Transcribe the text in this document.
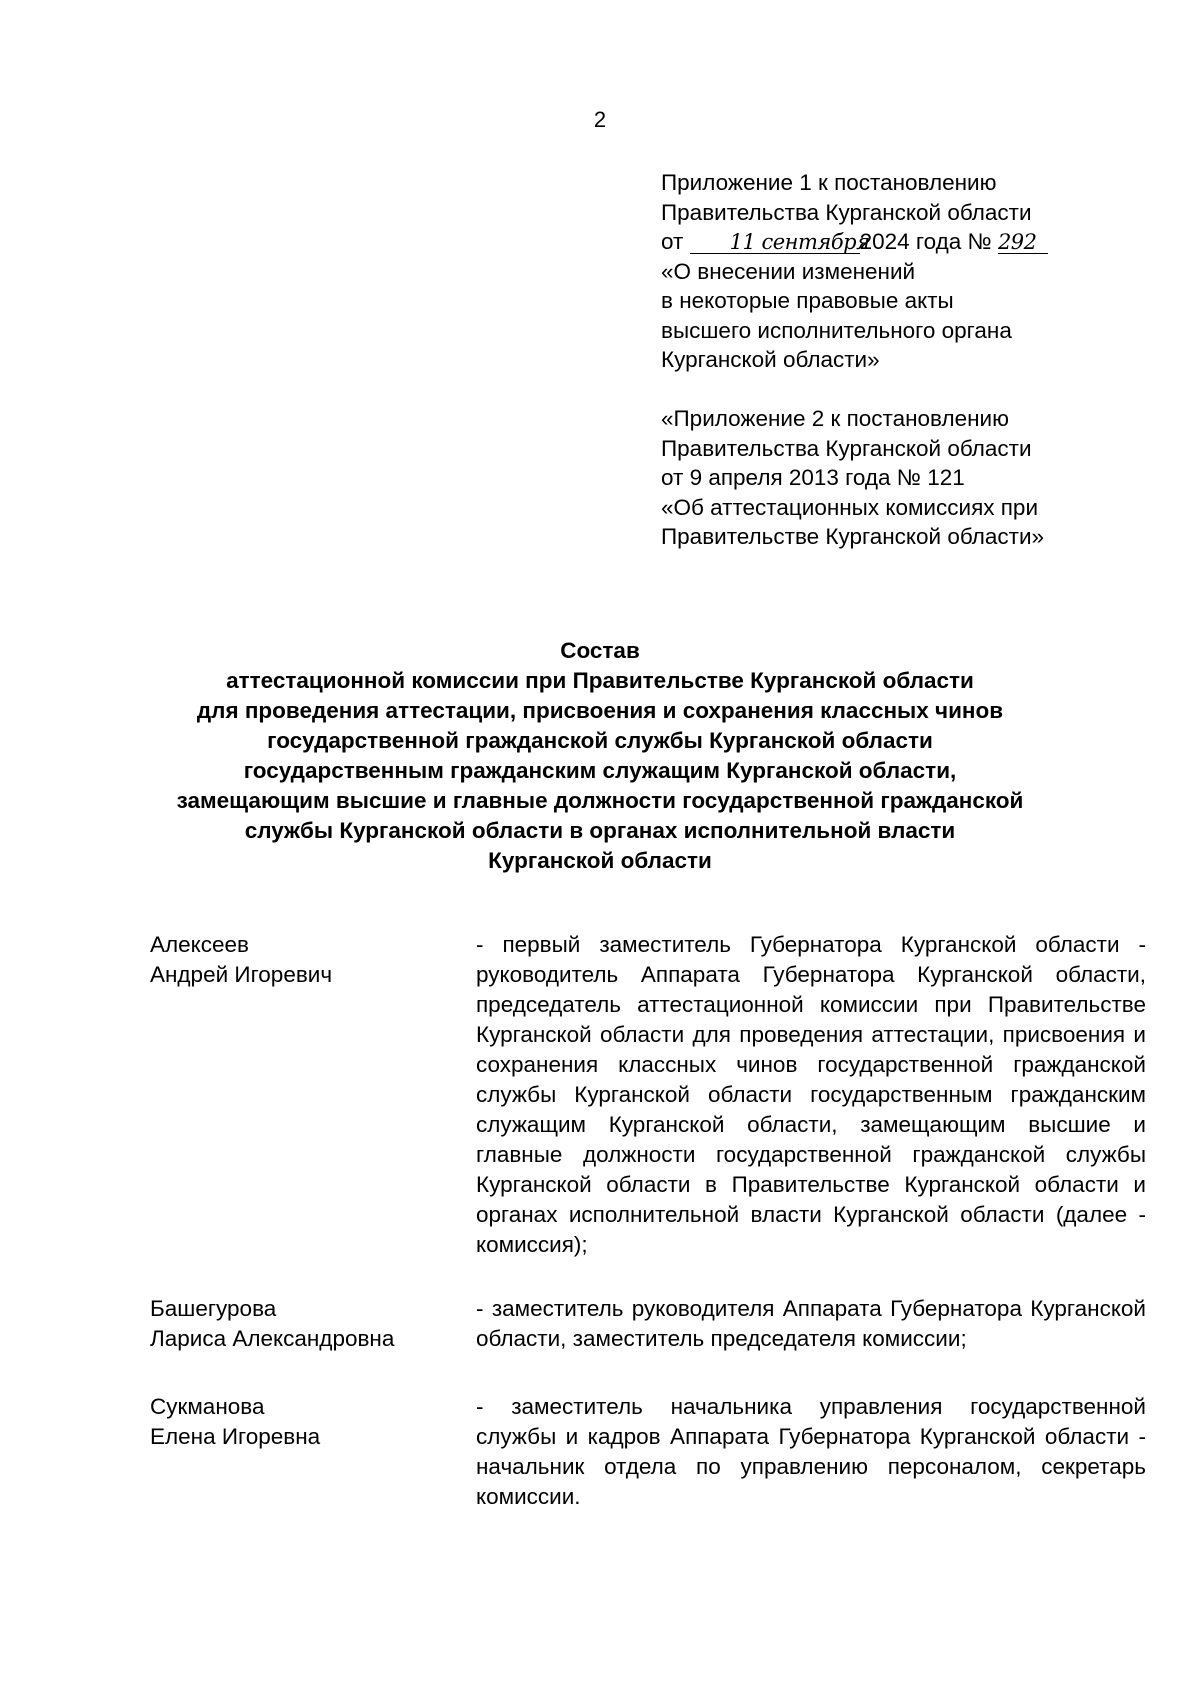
2
Приложение 1 к постановлению
Правительства Курганской области
от 11 сентября2024 года № 292
«О внесении изменений
в некоторые правовые акты
высшего исполнительного органа
Курганской области»
«Приложение 2 к постановлению
Правительства Курганской области
от 9 апреля 2013 года № 121
«Об аттестационных комиссиях при
Правительстве Курганской области»
Состав
аттестационной комиссии при Правительстве Курганской области
для проведения аттестации, присвоения и сохранения классных чинов
государственной гражданской службы Курганской области
государственным гражданским служащим Курганской области,
замещающим высшие и главные должности государственной гражданской
службы Курганской области в органах исполнительной власти
Курганской области
Алексеев
Андрей Игоревич
- первый заместитель Губернатора Курганской области - руководитель Аппарата Губернатора Курганской области, председатель аттестационной комиссии при Правительстве Курганской области для проведения аттестации, присвоения и сохранения классных чинов государственной гражданской службы Курганской области государственным гражданским служащим Курганской области, замещающим высшие и главные должности государственной гражданской службы Курганской области в Правительстве Курганской области и органах исполнительной власти Курганской области (далее - комиссия);
Башегурова
Лариса Александровна
- заместитель руководителя Аппарата Губернатора Курганской области, заместитель председателя комиссии;
Сукманова
Елена Игоревна
- заместитель начальника управления государственной службы и кадров Аппарата Губернатора Курганской области - начальник отдела по управлению персоналом, секретарь комиссии.
